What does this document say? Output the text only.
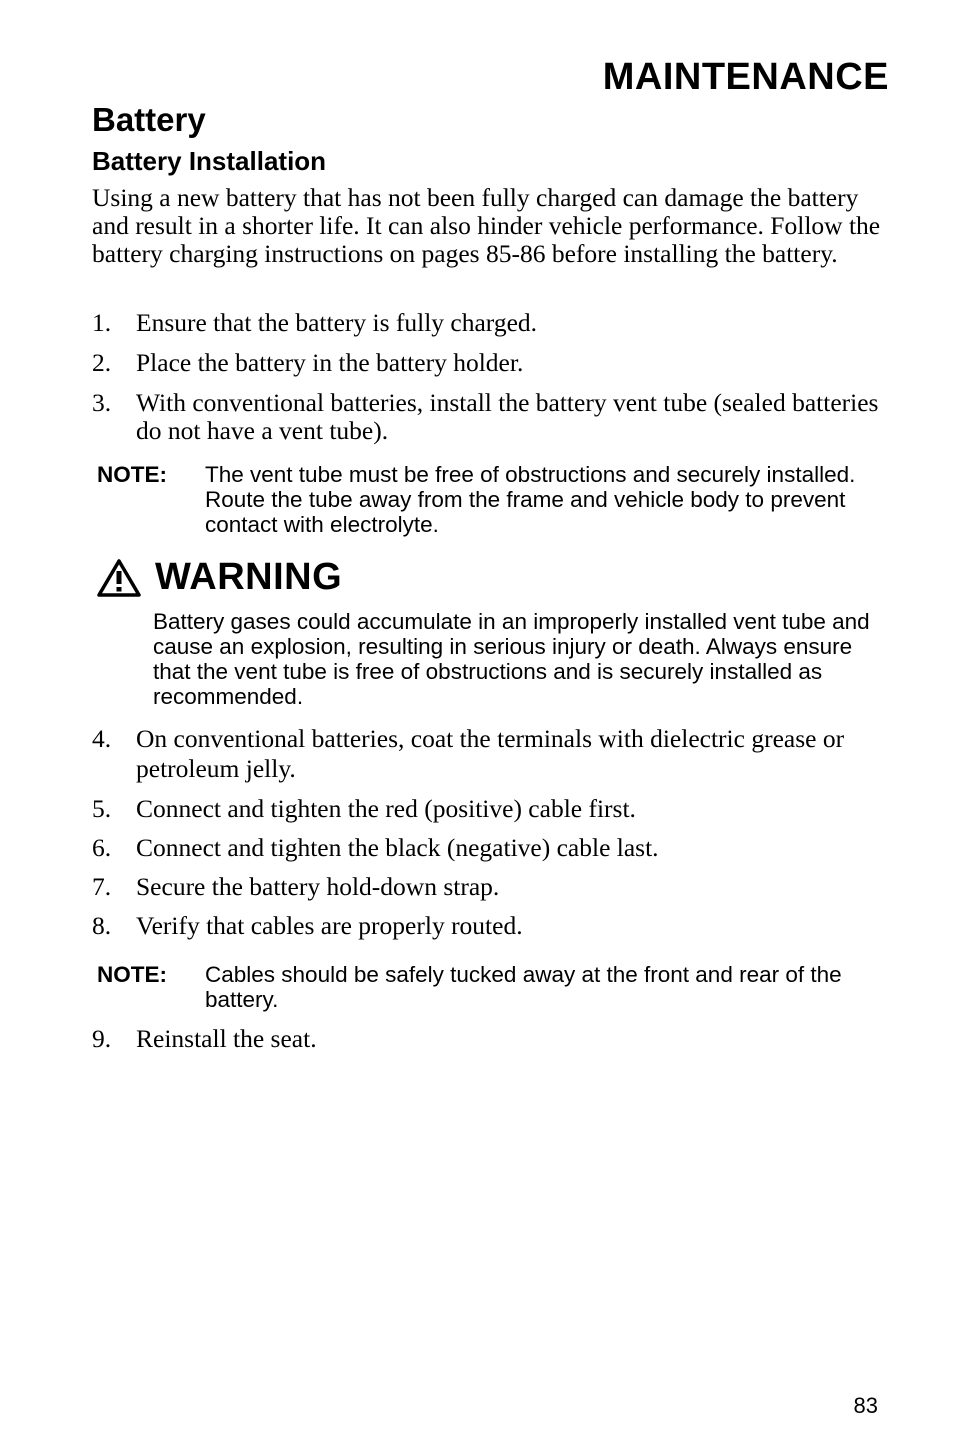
MAINTENANCE
Battery
Battery Installation
Using a new battery that has not been fully charged can damage the battery and result in a shorter life. It can also hinder vehicle performance. Follow the battery charging instructions on pages 85-86 before installing the battery.
1. Ensure that the battery is fully charged.
2. Place the battery in the battery holder.
3. With conventional batteries, install the battery vent tube (sealed batteries do not have a vent tube).
NOTE: The vent tube must be free of obstructions and securely installed. Route the tube away from the frame and vehicle body to prevent contact with electrolyte.
WARNING
Battery gases could accumulate in an improperly installed vent tube and cause an explosion, resulting in serious injury or death. Always ensure that the vent tube is free of obstructions and is securely installed as recommended.
4. On conventional batteries, coat the terminals with dielectric grease or petroleum jelly.
5. Connect and tighten the red (positive) cable first.
6. Connect and tighten the black (negative) cable last.
7. Secure the battery hold-down strap.
8. Verify that cables are properly routed.
NOTE: Cables should be safely tucked away at the front and rear of the battery.
9. Reinstall the seat.
83
